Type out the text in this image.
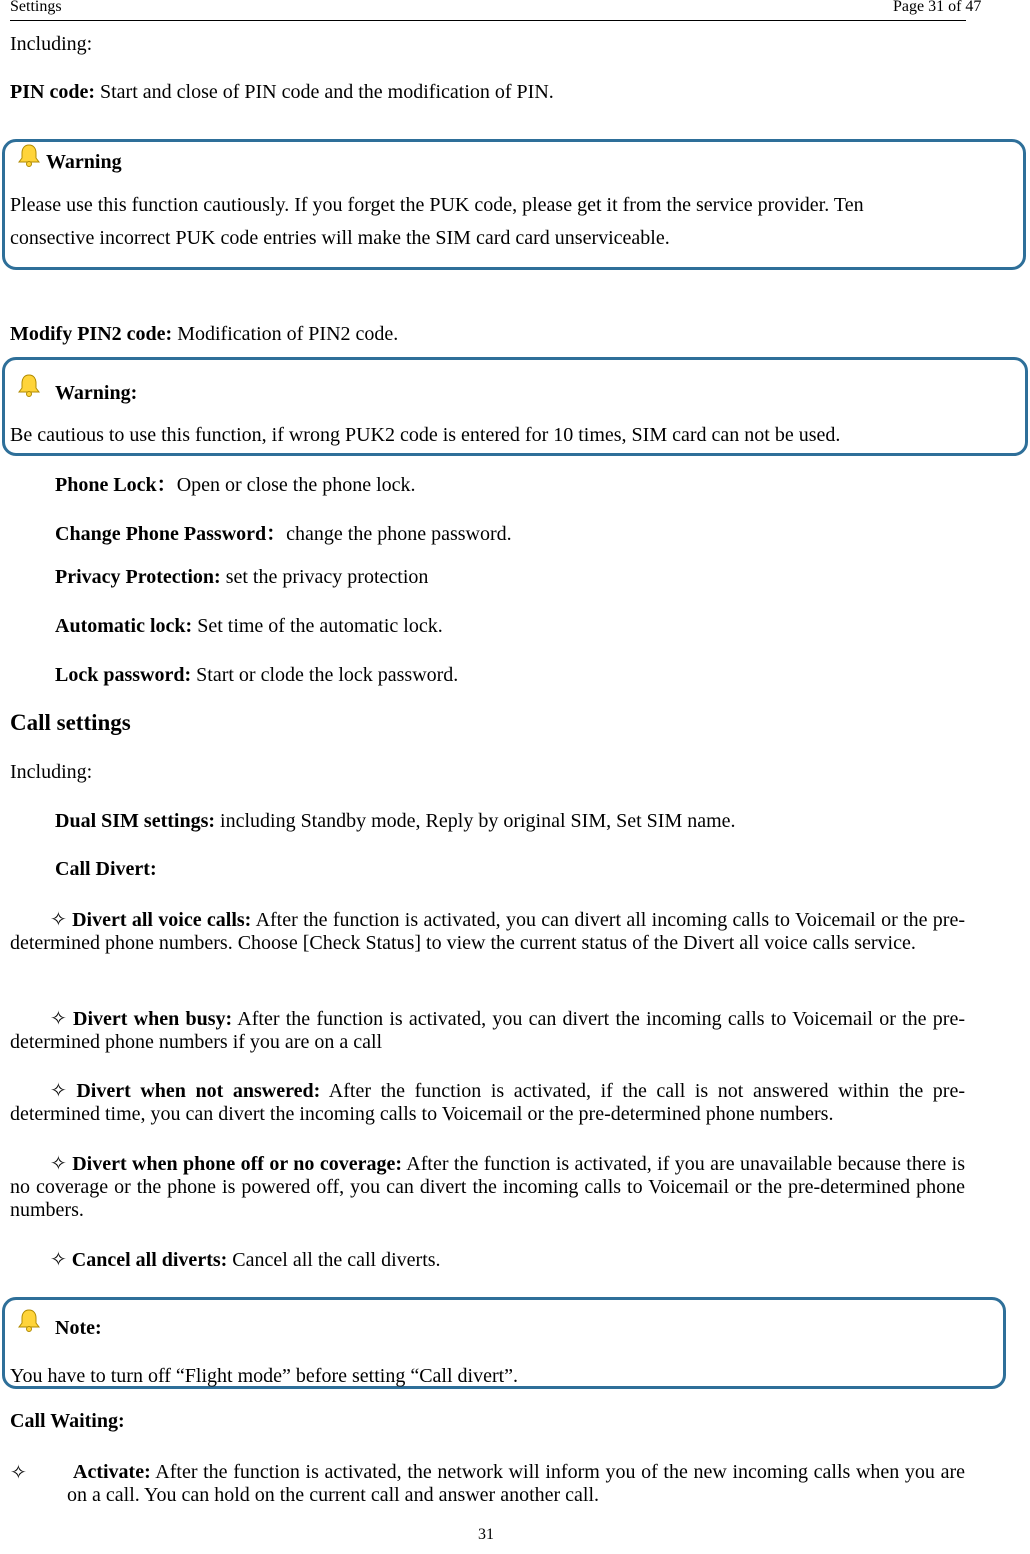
Settings	Page 31 of 47
Including:
PIN code: Start and close of PIN code and the modification of PIN.
Warning
Please use this function cautiously. If you forget the PUK code, please get it from the service provider. Ten
consective incorrect PUK code entries will make the SIM card card unserviceable.
Modify PIN2 code: Modification of PIN2 code.
Warning:
Be cautious to use this function, if wrong PUK2 code is entered for 10 times, SIM card can not be used.
Phone Lock：Open or close the phone lock.
Change Phone Password：change the phone password.
Privacy Protection: set the privacy protection
Automatic lock: Set time of the automatic lock.
Lock password: Start or clode the lock password.
Call settings
Including:
Dual SIM settings: including Standby mode, Reply by original SIM, Set SIM name.
Call Divert:
✧ Divert all voice calls: After the function is activated, you can divert all incoming calls to Voicemail or the pre-determined phone numbers. Choose [Check Status] to view the current status of the Divert all voice calls service.
✧ Divert when busy: After the function is activated, you can divert the incoming calls to Voicemail or the pre-determined phone numbers if you are on a call
✧ Divert when not answered: After the function is activated, if the call is not answered within the pre-determined time, you can divert the incoming calls to Voicemail or the pre-determined phone numbers.
✧ Divert when phone off or no coverage: After the function is activated, if you are unavailable because there is no coverage or the phone is powered off, you can divert the incoming calls to Voicemail or the pre-determined phone numbers.
✧ Cancel all diverts: Cancel all the call diverts.
Note:
You have to turn off “Flight mode” before setting “Call divert”.
Call Waiting:
✧	Activate: After the function is activated, the network will inform you of the new incoming calls when you are on a call. You can hold on the current call and answer another call.
31
